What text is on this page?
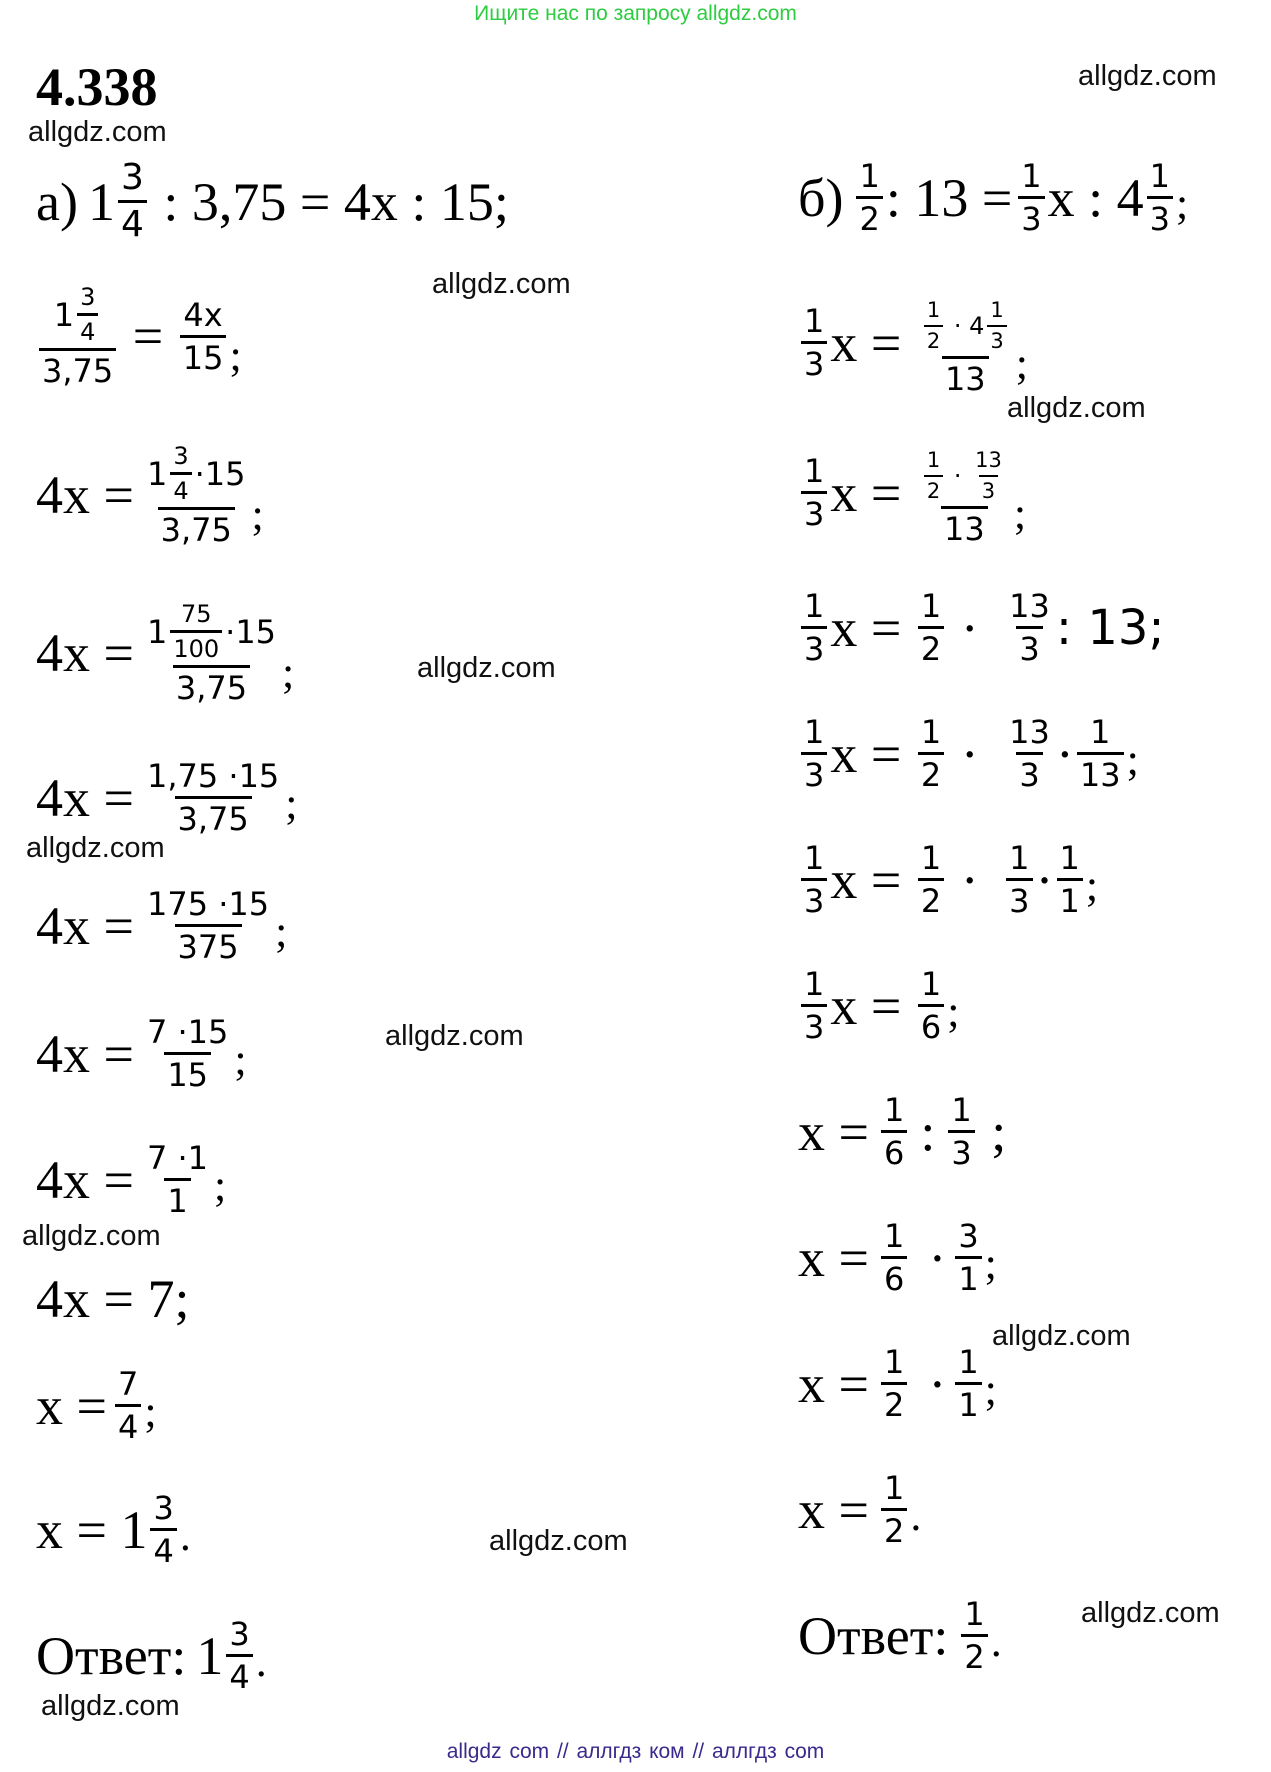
Ищите нас по запросу allgdz.com
4.338	allgdz.com
allgdz.com
allgdz.com
allgdz.com
allgdz.com
allgdz.com
allgdz.com
allgdz.com
allgdz.com
allgdz.com
allgdz.com
allgdz.com
а) $1 \frac{3}{4}$ : 3,75 = 4x : 15;
$\frac{1 \frac{3}{4}}{3,75} = \frac{4x}{15}$ ;
$4x = \frac{1 \frac{3}{4} \cdot 15}{3,75}$ ;
$4x = \frac{1 \frac{75}{100} \cdot 15}{3,75}$ ;
$4x = \frac{1,75 \cdot 15}{3,75}$ ;
$4x = \frac{175 \cdot 15}{375}$ ;
$4x = \frac{7 \cdot 15}{15}$ ;
$4x = \frac{7 \cdot 1}{1}$ ;
4x = 7;
$x = \frac{7}{4}$ ;
$x = 1 \frac{3}{4}$ .
Ответ: $1 \frac{3}{4}$ .
$б) \frac{1}{2}$ : $13 = \frac{1}{3}$ x : $4 \frac{1}{3}$ ;
$\frac{1}{3}$ $x = \frac{1}{2}$
·
$4 \frac{1}{3}$
13 ;
$\frac{1}{3}$ $x = \frac{1}{2}$
·
$\frac{13}{3}$
13 ;
$\frac{1}{3}$ $x = \frac{1}{2} \cdot \frac{13}{3}$ : 13;
$\frac{1}{3}$ $x = \frac{1}{2} \cdot \frac{13}{3} \cdot \frac{1}{13}$ ;
$\frac{1}{3}$ $x = \frac{1}{2} \cdot \frac{1}{3} \cdot \frac{1}{1}$ ;
$\frac{1}{3}$ $x = \frac{1}{6}$ ;
$x = \frac{1}{6}$ : $\frac{1}{3}$ ;
$x = \frac{1}{6} \cdot \frac{3}{1}$ ;
$x = \frac{1}{2} \cdot \frac{1}{1}$ ;
$x = \frac{1}{2}$ .
Ответ: $\frac{1}{2}$ .
allgdz com // аллгдз ком // аллгдз com
